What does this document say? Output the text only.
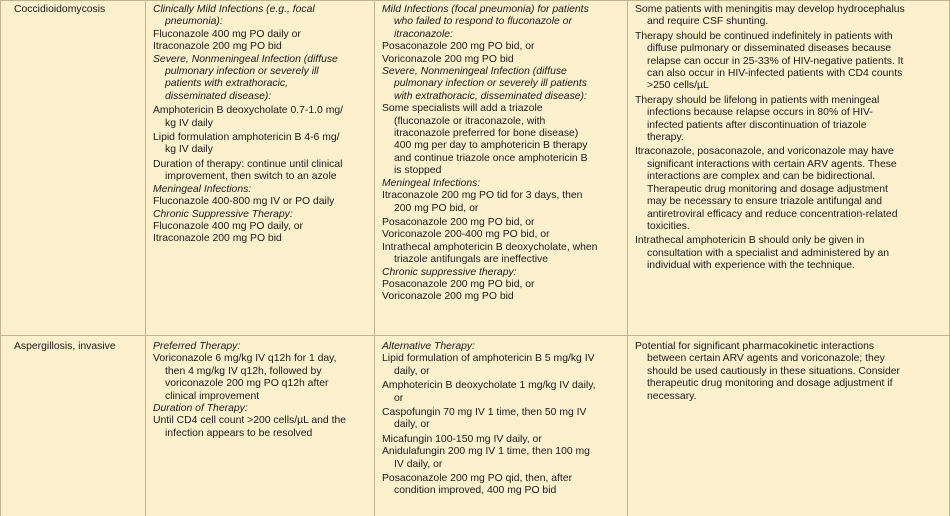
Coccidioidomycosis	Clinically Mild Infections (e.g., focal
pneumonia):
Fluconazole 400 mg PO daily or
Itraconazole 200 mg PO bid
Severe, Nonmeningeal Infection (diffuse
pulmonary infection or severely ill
patients with extrathoracic,
disseminated disease):
Amphotericin B deoxycholate 0.7-1.0 mg/
kg IV daily
Lipid formulation amphotericin B 4-6 mg/
kg IV daily
Duration of therapy: continue until clinical
improvement, then switch to an azole
Meningeal Infections:
Fluconazole 400-800 mg IV or PO daily
Chronic Suppressive Therapy:
Fluconazole 400 mg PO daily, or
Itraconazole 200 mg PO bid
Mild Infections (focal pneumonia) for patients
who failed to respond to fluconazole or
itraconazole:
Posaconazole 200 mg PO bid, or
Voriconazole 200 mg PO bid
Severe, Nonmeningeal Infection (diffuse
pulmonary infection or severely ill patients
with extrathoracic, disseminated disease):
Some specialists will add a triazole
(fluconazole or itraconazole, with
itraconazole preferred for bone disease)
400 mg per day to amphotericin B therapy
and continue triazole once amphotericin B
is stopped
Meningeal Infections:
Itraconazole 200 mg PO tid for 3 days, then
200 mg PO bid, or
Posaconazole 200 mg PO bid, or
Voriconazole 200-400 mg PO bid, or
Intrathecal amphotericin B deoxycholate, when
triazole antifungals are ineffective
Chronic suppressive therapy:
Posaconazole 200 mg PO bid, or
Voriconazole 200 mg PO bid
Some patients with meningitis may develop hydrocephalus
and require CSF shunting.
Therapy should be continued indefinitely in patients with
diffuse pulmonary or disseminated diseases because
relapse can occur in 25-33% of HIV-negative patients. It
can also occur in HIV-infected patients with CD4 counts
>250 cells/µL
Therapy should be lifelong in patients with meningeal
infections because relapse occurs in 80% of HIV-
infected patients after discontinuation of triazole
therapy.
Itraconazole, posaconazole, and voriconazole may have
significant interactions with certain ARV agents. These
interactions are complex and can be bidirectional.
Therapeutic drug monitoring and dosage adjustment
may be necessary to ensure triazole antifungal and
antiretroviral efficacy and reduce concentration-related
toxicities.
Intrathecal amphotericin B should only be given in
consultation with a specialist and administered by an
individual with experience with the technique.
Aspergillosis, invasive	Preferred Therapy:
Voriconazole 6 mg/kg IV q12h for 1 day,
then 4 mg/kg IV q12h, followed by
voriconazole 200 mg PO q12h after
clinical improvement
Duration of Therapy:
Until CD4 cell count >200 cells/µL and the
infection appears to be resolved
Alternative Therapy:
Lipid formulation of amphotericin B 5 mg/kg IV
daily, or
Amphotericin B deoxycholate 1 mg/kg IV daily,
or
Caspofungin 70 mg IV 1 time, then 50 mg IV
daily, or
Micafungin 100-150 mg IV daily, or
Anidulafungin 200 mg IV 1 time, then 100 mg
IV daily, or
Posaconazole 200 mg PO qid, then, after
condition improved, 400 mg PO bid
Potential for significant pharmacokinetic interactions
between certain ARV agents and voriconazole; they
should be used cautiously in these situations. Consider
therapeutic drug monitoring and dosage adjustment if
necessary.
